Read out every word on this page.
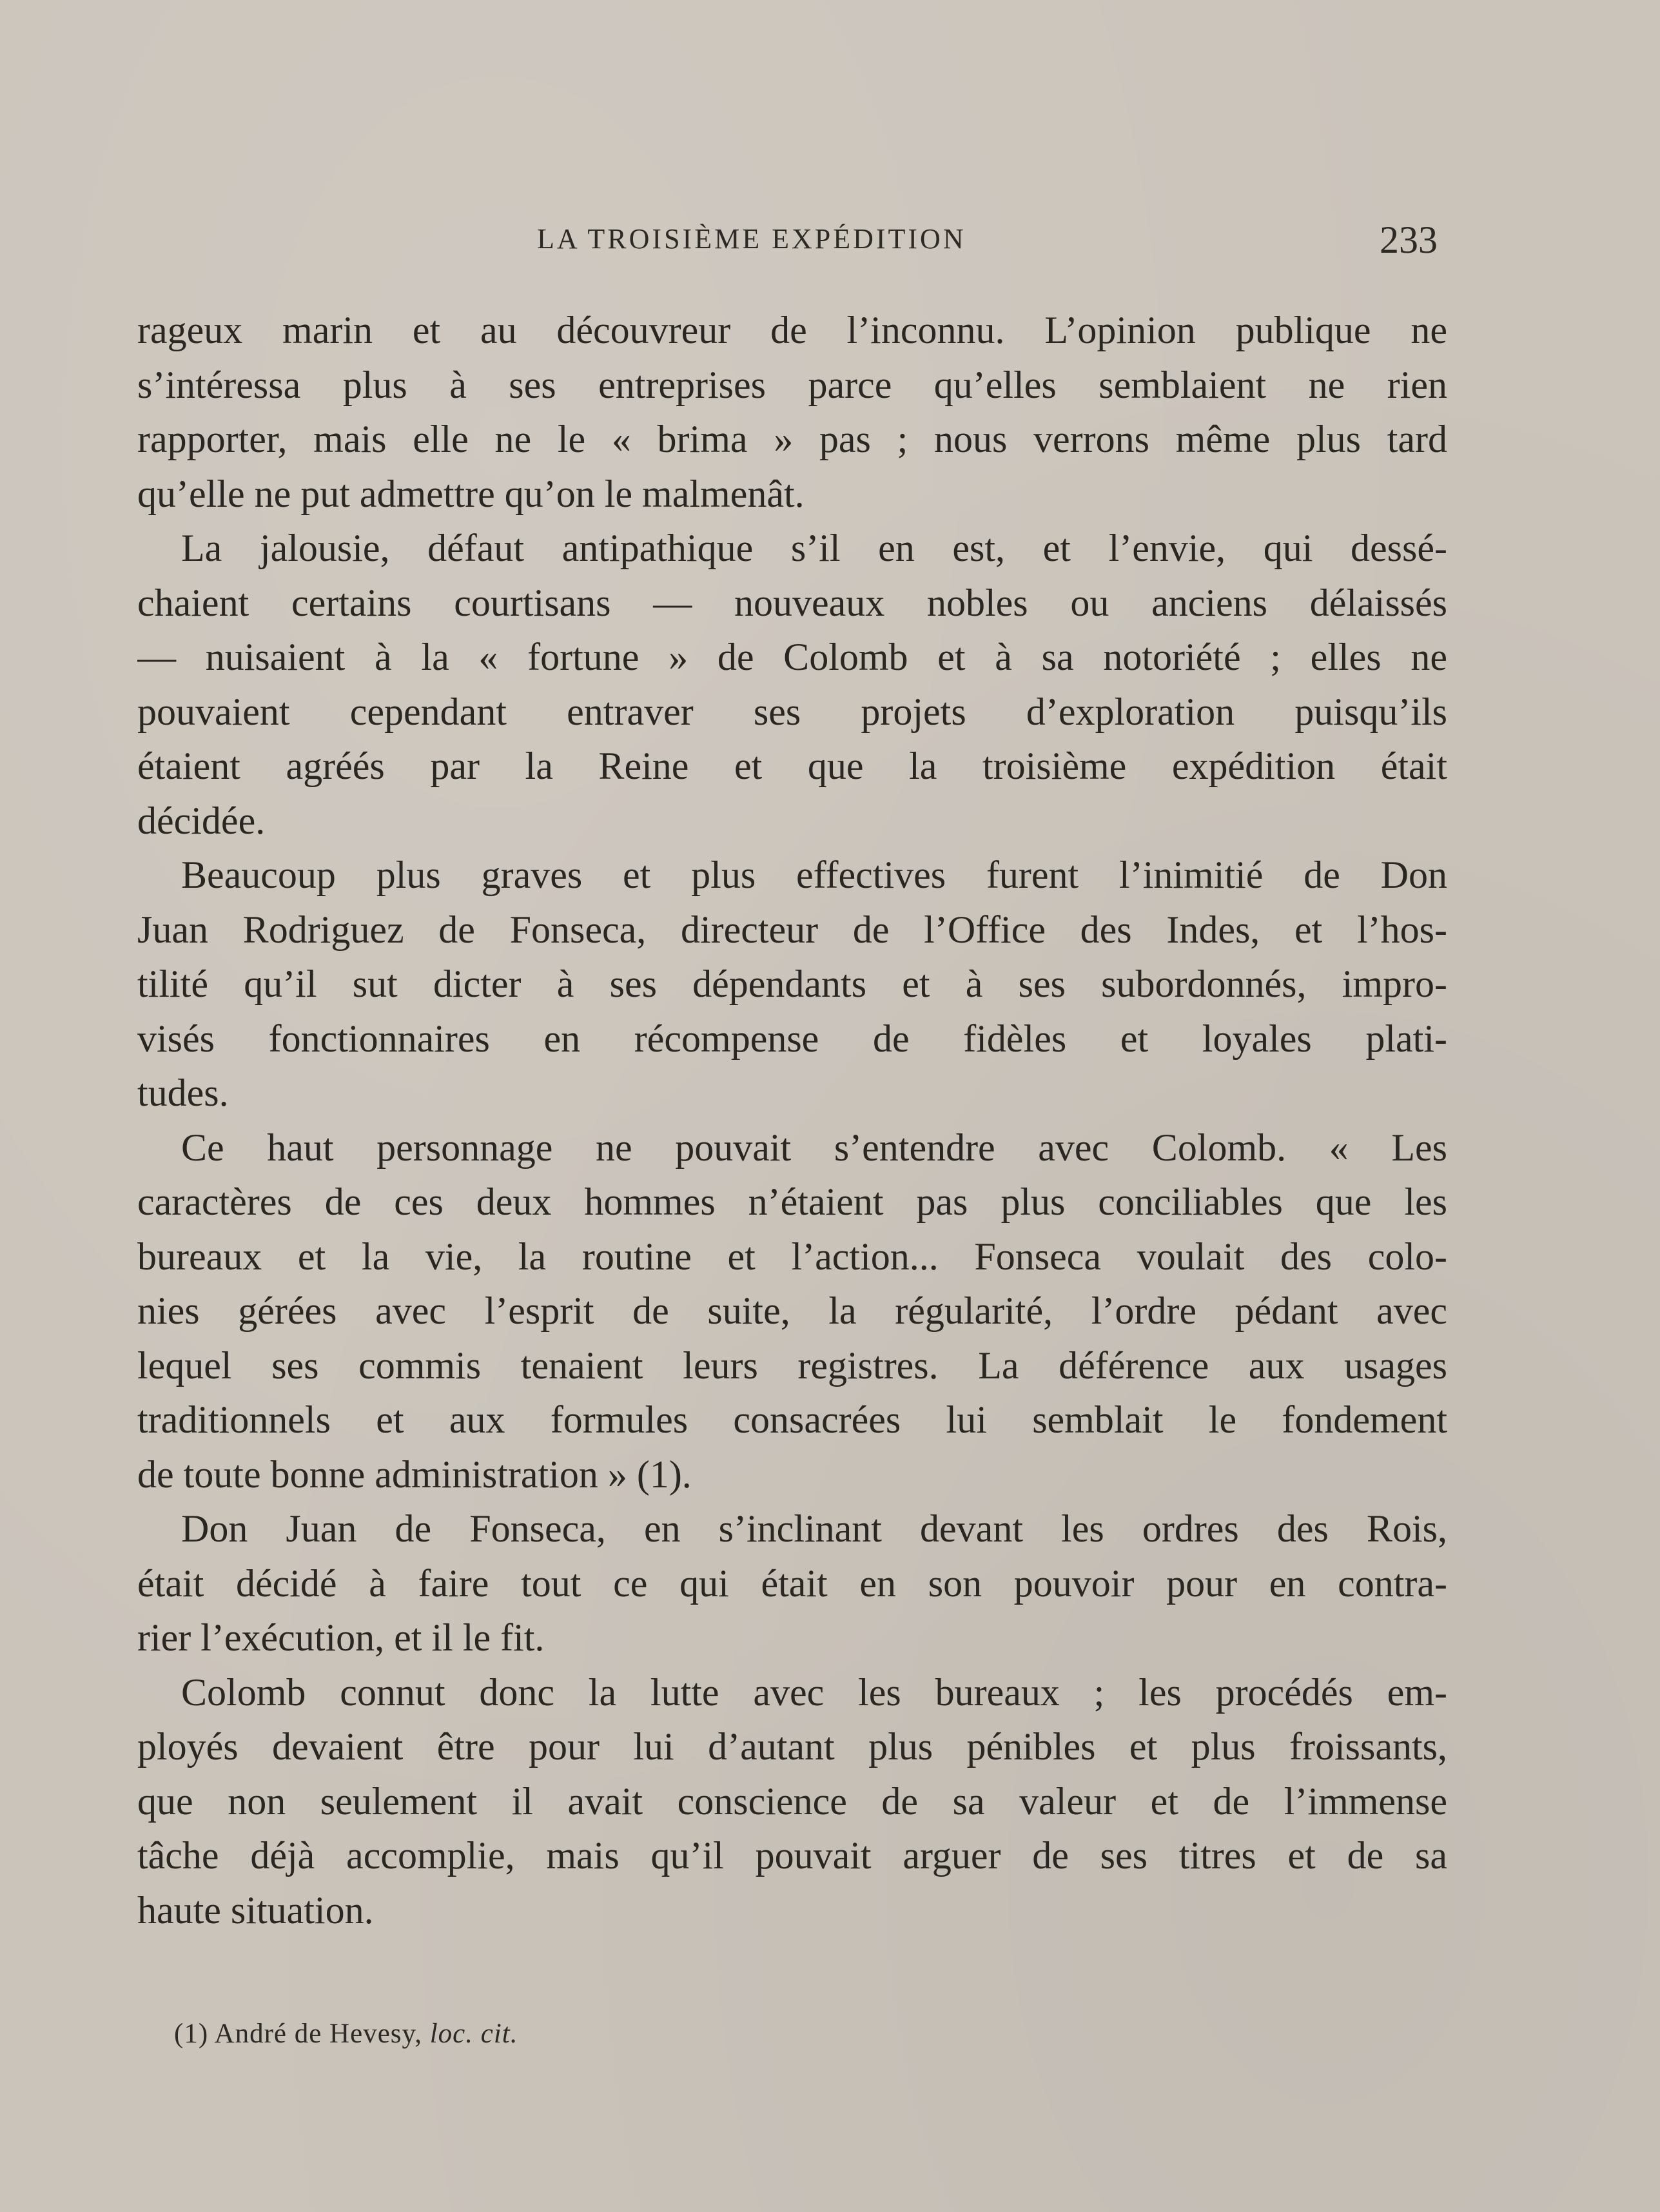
LA TROISIÈME EXPÉDITION	233
rageux marin et au découvreur de l’inconnu. L’opinion publique ne
s’intéressa plus à ses entreprises parce qu’elles semblaient ne rien
rapporter, mais elle ne le « brima » pas ; nous verrons même plus tard
qu’elle ne put admettre qu’on le malmenât.
La jalousie, défaut antipathique s’il en est, et l’envie, qui dessé-
chaient certains courtisans — nouveaux nobles ou anciens délaissés
— nuisaient à la « fortune » de Colomb et à sa notoriété ; elles ne
pouvaient cependant entraver ses projets d’exploration puisqu’ils
étaient agréés par la Reine et que la troisième expédition était
décidée.
Beaucoup plus graves et plus effectives furent l’inimitié de Don
Juan Rodriguez de Fonseca, directeur de l’Office des Indes, et l’hos-
tilité qu’il sut dicter à ses dépendants et à ses subordonnés, impro-
visés fonctionnaires en récompense de fidèles et loyales plati-
tudes.
Ce haut personnage ne pouvait s’entendre avec Colomb. « Les
caractères de ces deux hommes n’étaient pas plus conciliables que les
bureaux et la vie, la routine et l’action... Fonseca voulait des colo-
nies gérées avec l’esprit de suite, la régularité, l’ordre pédant avec
lequel ses commis tenaient leurs registres. La déférence aux usages
traditionnels et aux formules consacrées lui semblait le fondement
de toute bonne administration » (1).
Don Juan de Fonseca, en s’inclinant devant les ordres des Rois,
était décidé à faire tout ce qui était en son pouvoir pour en contra-
rier l’exécution, et il le fit.
Colomb connut donc la lutte avec les bureaux ; les procédés em-
ployés devaient être pour lui d’autant plus pénibles et plus froissants,
que non seulement il avait conscience de sa valeur et de l’immense
tâche déjà accomplie, mais qu’il pouvait arguer de ses titres et de sa
haute situation.
(1) André de Hevesy, loc. cit.
